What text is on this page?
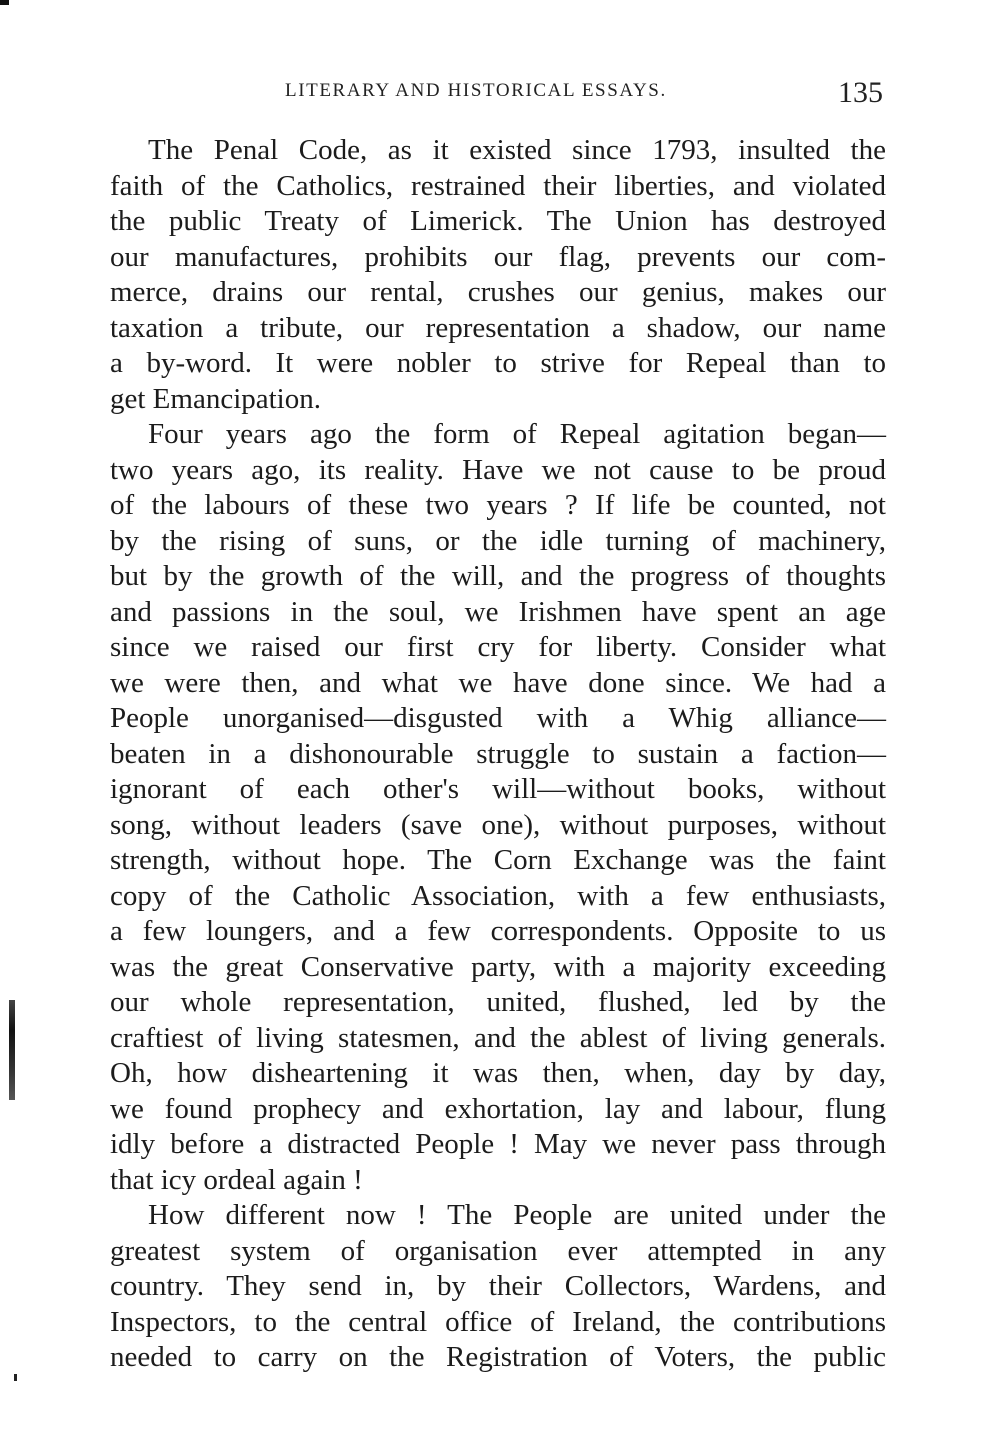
LITERARY AND HISTORICAL ESSAYS.	135
The Penal Code, as it existed since 1793, insulted the
faith of the Catholics, restrained their liberties, and violated
the public Treaty of Limerick. The Union has destroyed
our manufactures, prohibits our flag, prevents our com-
merce, drains our rental, crushes our genius, makes our
taxation a tribute, our representation a shadow, our name
a by-word. It were nobler to strive for Repeal than to
get Emancipation.
Four years ago the form of Repeal agitation began—
two years ago, its reality. Have we not cause to be proud
of the labours of these two years ? If life be counted, not
by the rising of suns, or the idle turning of machinery,
but by the growth of the will, and the progress of thoughts
and passions in the soul, we Irishmen have spent an age
since we raised our first cry for liberty. Consider what
we were then, and what we have done since. We had a
People unorganised—disgusted with a Whig alliance—
beaten in a dishonourable struggle to sustain a faction—
ignorant of each other's will—without books, without
song, without leaders (save one), without purposes, without
strength, without hope. The Corn Exchange was the faint
copy of the Catholic Association, with a few enthusiasts,
a few loungers, and a few correspondents. Opposite to us
was the great Conservative party, with a majority exceeding
our whole representation, united, flushed, led by the
craftiest of living statesmen, and the ablest of living generals.
Oh, how disheartening it was then, when, day by day,
we found prophecy and exhortation, lay and labour, flung
idly before a distracted People ! May we never pass through
that icy ordeal again !
How different now ! The People are united under the
greatest system of organisation ever attempted in any
country. They send in, by their Collectors, Wardens, and
Inspectors, to the central office of Ireland, the contributions
needed to carry on the Registration of Voters, the public
